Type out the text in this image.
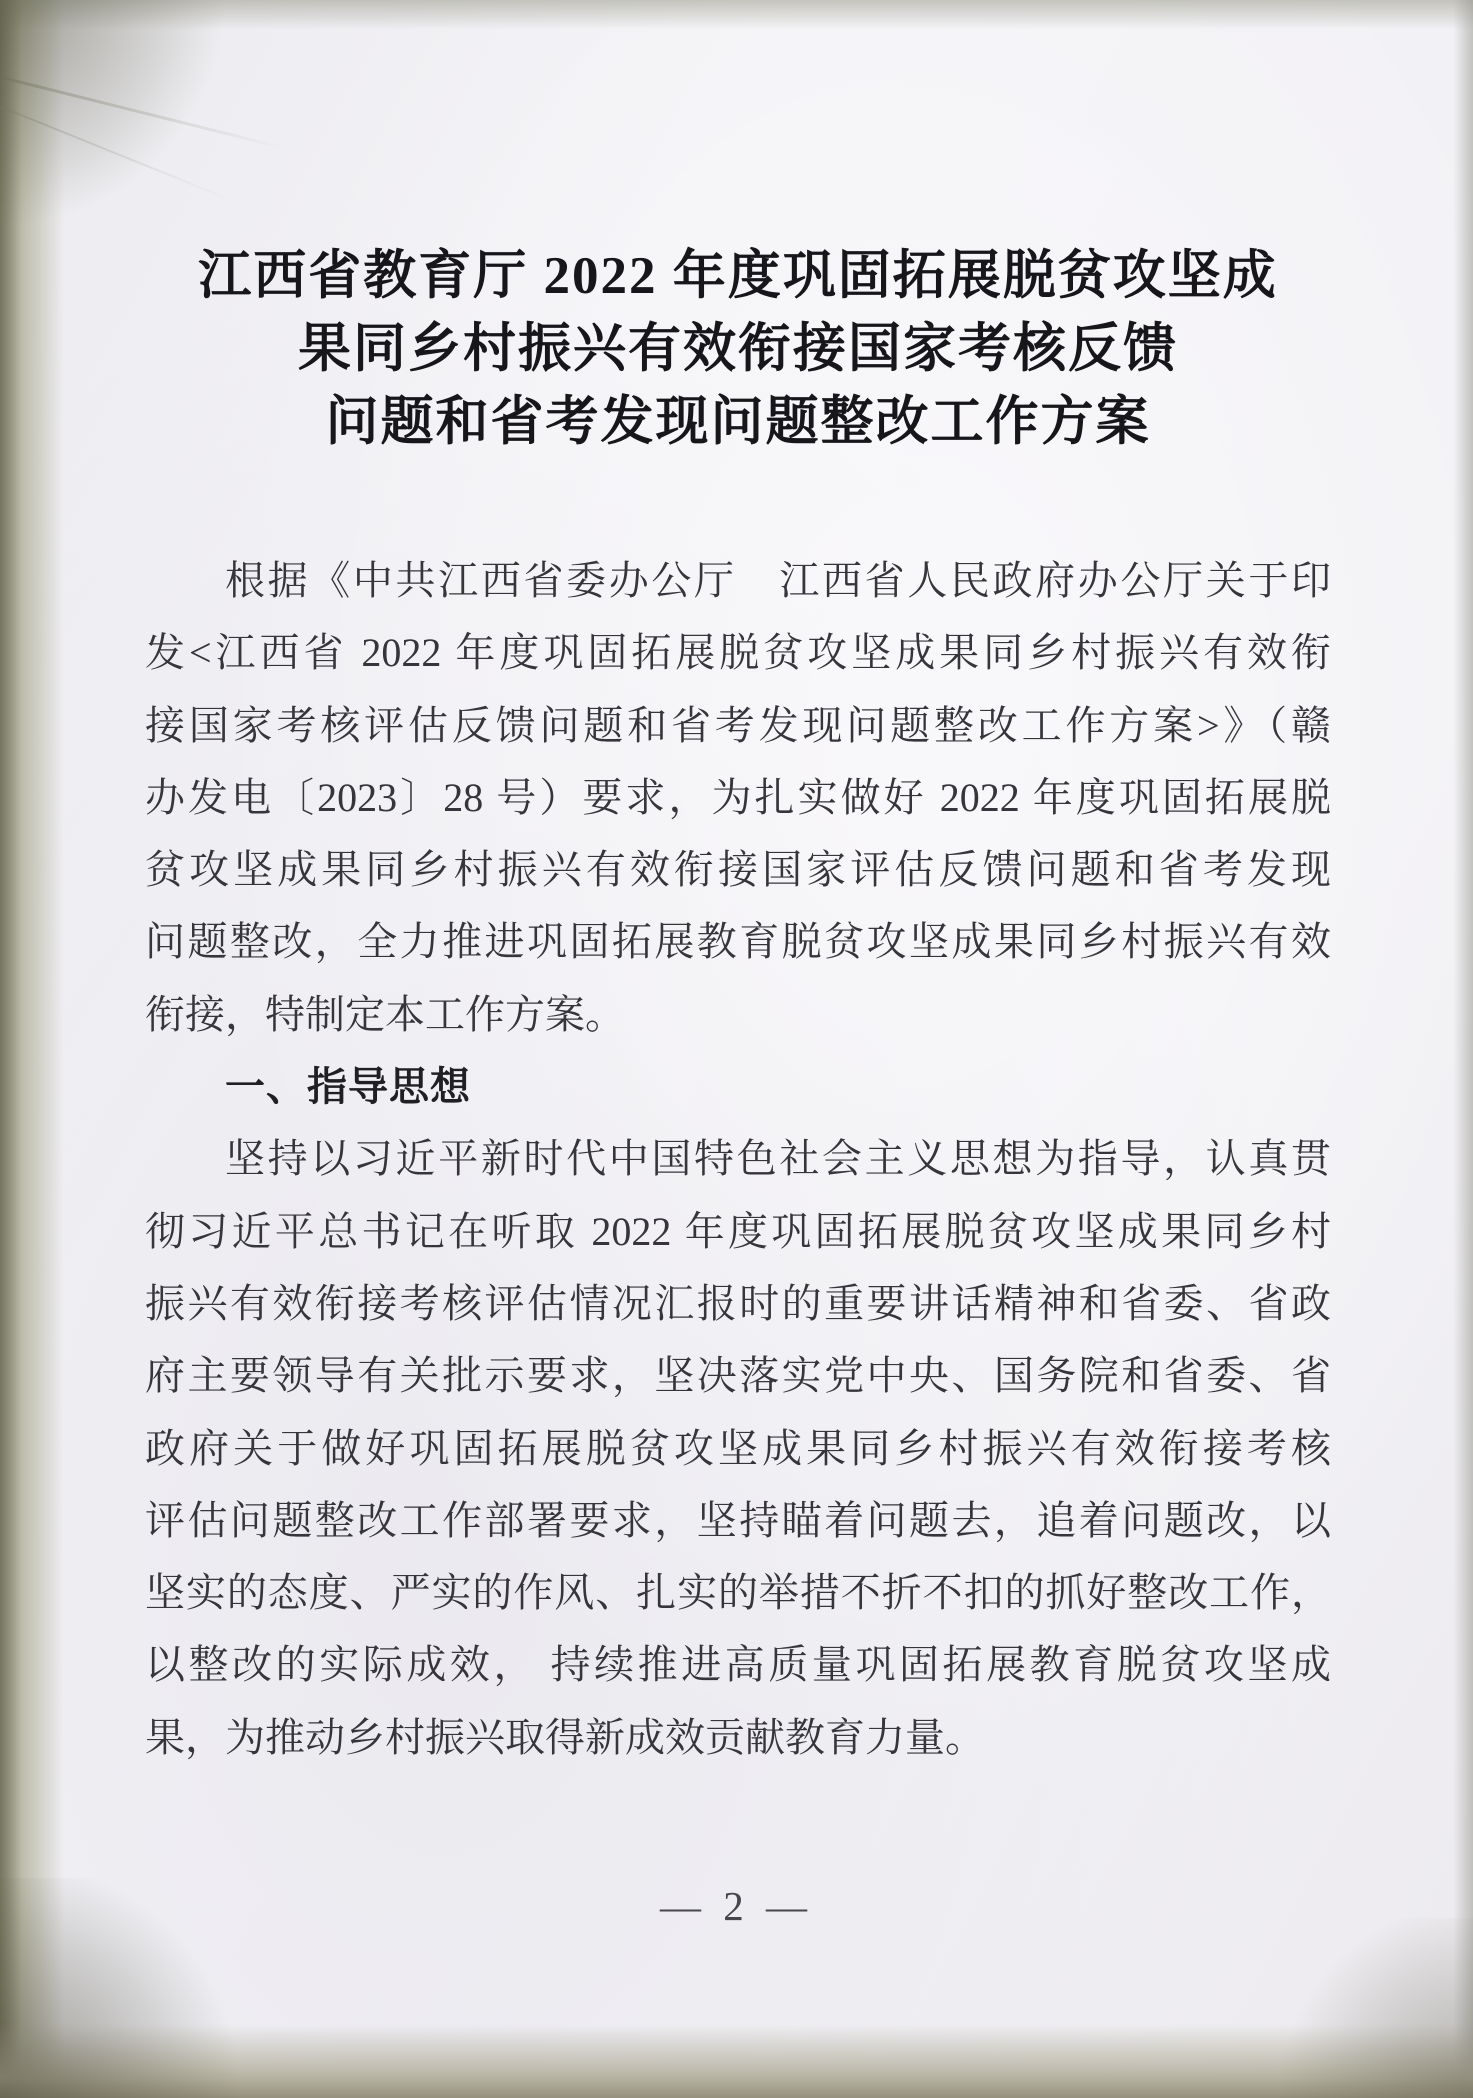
江西省教育厅 2022 年度巩固拓展脱贫攻坚成
果同乡村振兴有效衔接国家考核反馈
问题和省考发现问题整改工作方案
根据《中共江西省委办公厅　江西省人民政府办公厅关于印
发<江西省 2022 年度巩固拓展脱贫攻坚成果同乡村振兴有效衔
接国家考核评估反馈问题和省考发现问题整改工作方案>》（赣
办发电〔2023〕28 号）要求，为扎实做好 2022 年度巩固拓展脱
贫攻坚成果同乡村振兴有效衔接国家评估反馈问题和省考发现
问题整改，全力推进巩固拓展教育脱贫攻坚成果同乡村振兴有效
衔接，特制定本工作方案。
一、指导思想
坚持以习近平新时代中国特色社会主义思想为指导，认真贯
彻习近平总书记在听取 2022 年度巩固拓展脱贫攻坚成果同乡村
振兴有效衔接考核评估情况汇报时的重要讲话精神和省委、省政
府主要领导有关批示要求，坚决落实党中央、国务院和省委、省
政府关于做好巩固拓展脱贫攻坚成果同乡村振兴有效衔接考核
评估问题整改工作部署要求，坚持瞄着问题去，追着问题改，以
坚实的态度、严实的作风、扎实的举措不折不扣的抓好整改工作，
以整改的实际成效， 持续推进高质量巩固拓展教育脱贫攻坚成
果，为推动乡村振兴取得新成效贡献教育力量。
— 2 —
